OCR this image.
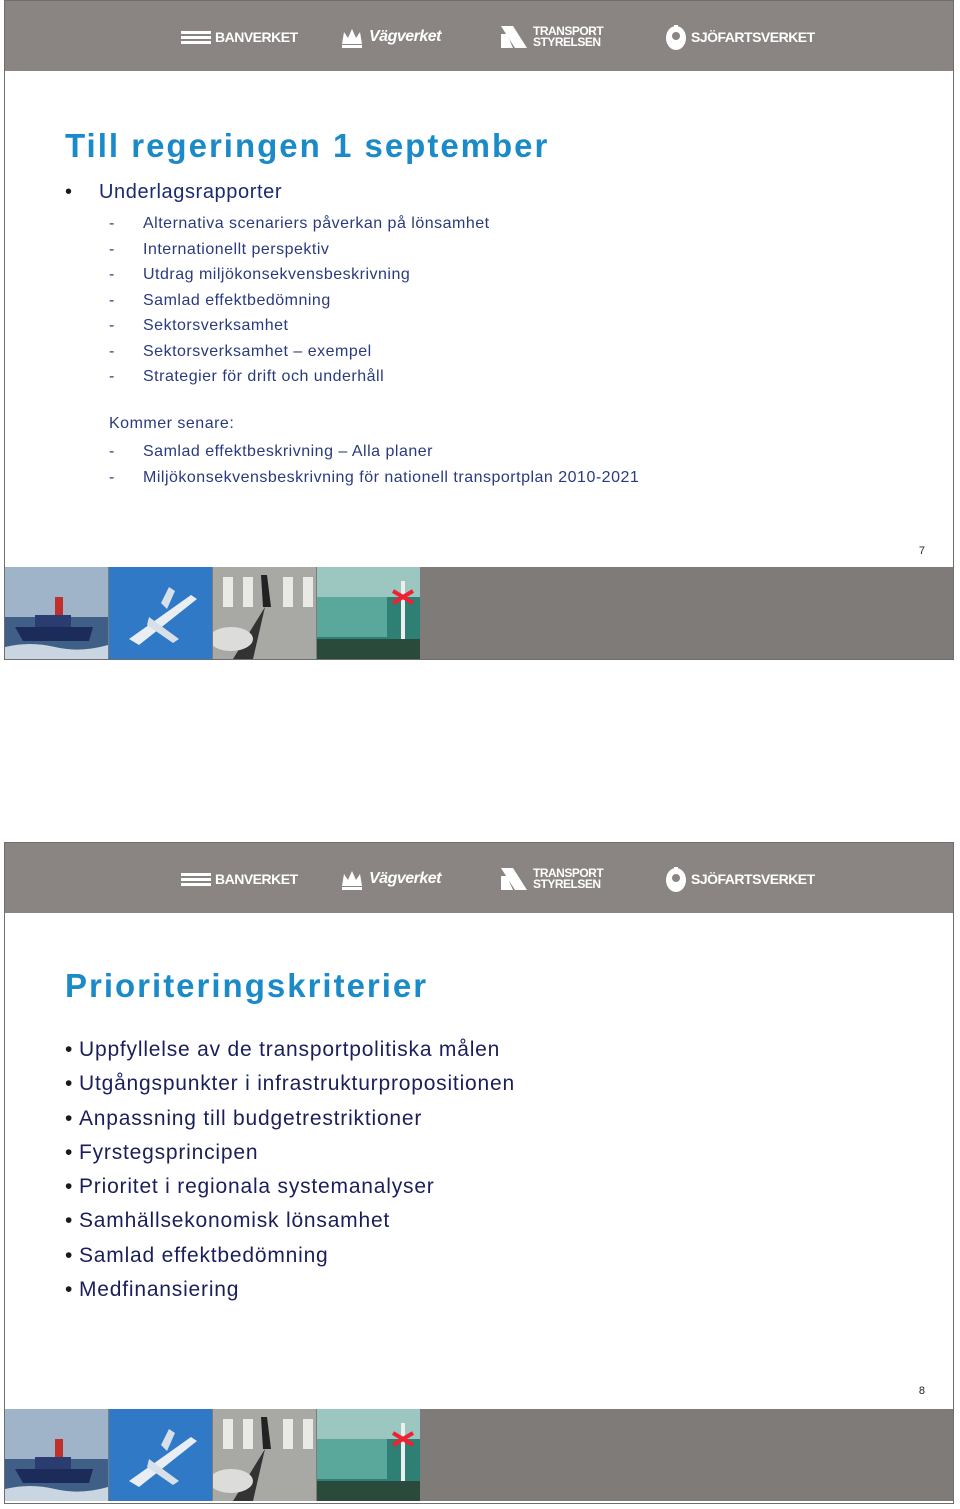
BANVERKET	Vägverket	TRANSPORT
STYRELSEN	SJÖFARTSVERKET
Till regeringen 1 september
• Underlagsrapporter
- Alternativa scenariers påverkan på lönsamhet
- Internationellt perspektiv
- Utdrag miljökonsekvensbeskrivning
- Samlad effektbedömning
- Sektorsverksamhet
- Sektorsverksamhet – exempel
- Strategier för drift och underhåll
Kommer senare:
- Samlad effektbeskrivning – Alla planer
- Miljökonsekvensbeskrivning för nationell transportplan 2010-2021
7
BANVERKET	Vägverket	TRANSPORT
STYRELSEN	SJÖFARTSVERKET
Prioriteringskriterier
• Uppfyllelse av de transportpolitiska målen
• Utgångspunkter i infrastrukturpropositionen
• Anpassning till budgetrestriktioner
• Fyrstegsprincipen
• Prioritet i regionala systemanalyser
• Samhällsekonomisk lönsamhet
• Samlad effektbedömning
• Medfinansiering
8
